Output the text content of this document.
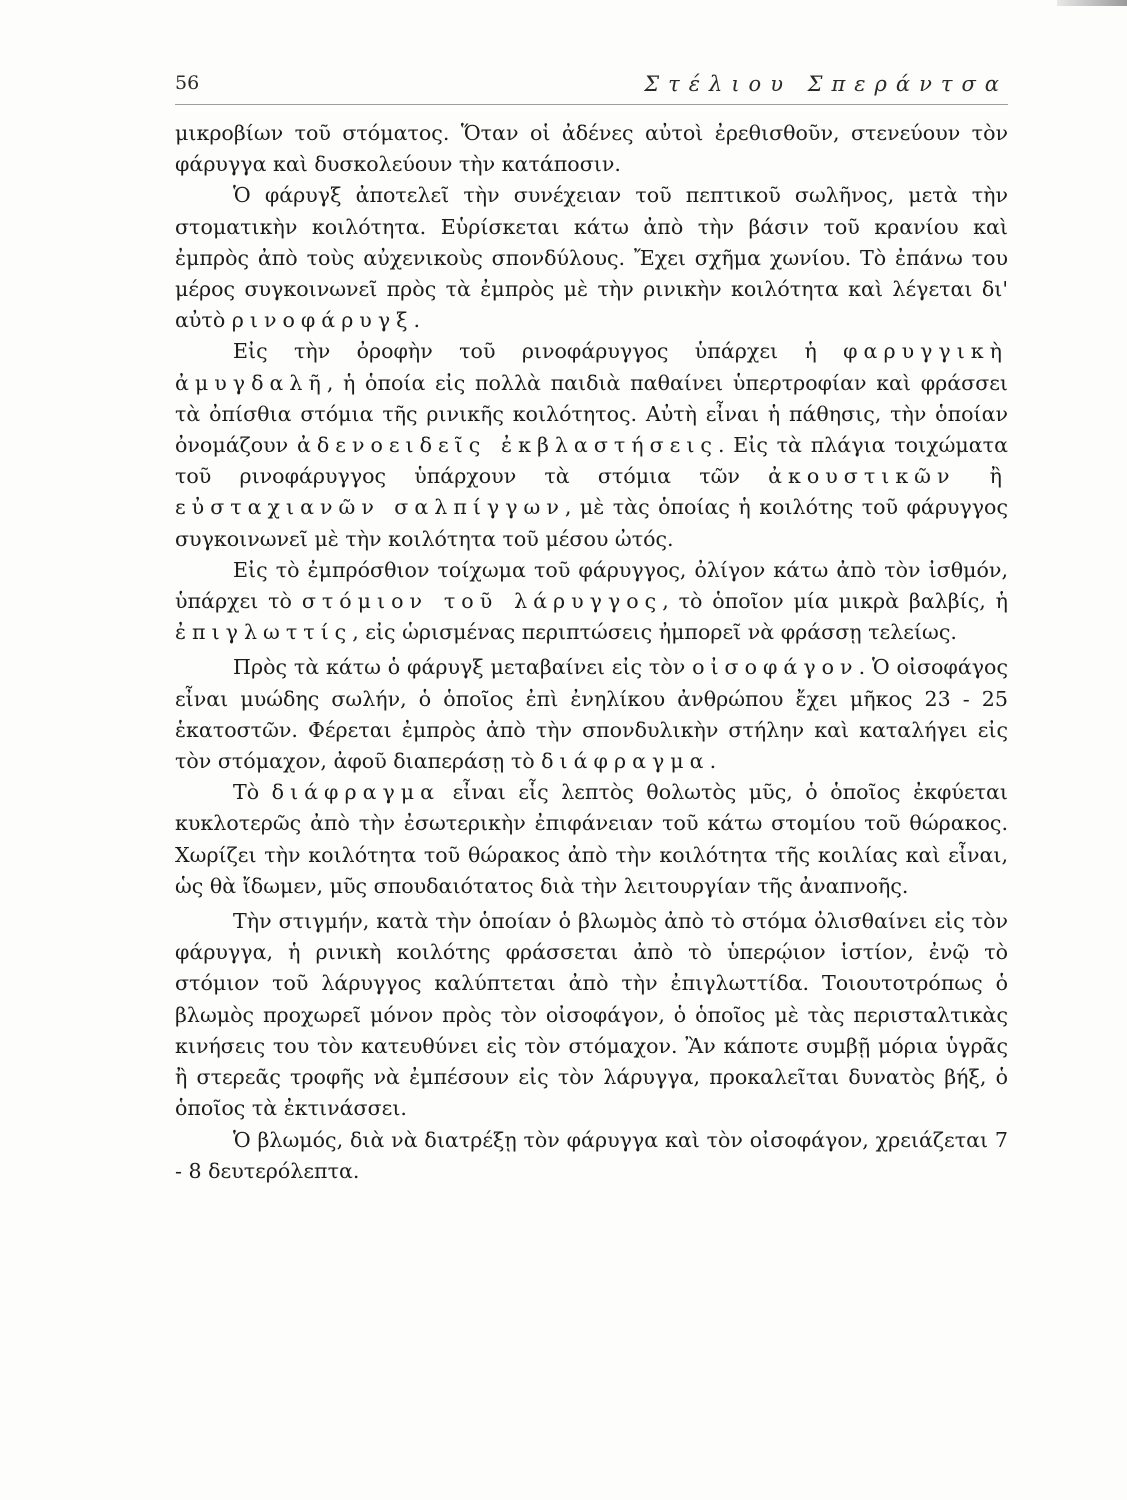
56	Στέλιου Σπεράντσα

μικροβίων τοῦ στόματος. Ὅταν οἱ ἀδένες αὐτοὶ ἐρεθισθοῦν, στενεύουν τὸν φάρυγγα καὶ δυσκολεύουν τὴν κατάποσιν.

Ὁ φάρυγξ ἀποτελεῖ τὴν συνέχειαν τοῦ πεπτικοῦ σωλῆνος, μετὰ τὴν στοματικὴν κοιλότητα. Εὑρίσκεται κάτω ἀπὸ τὴν βάσιν τοῦ κρανίου καὶ ἐμπρὸς ἀπὸ τοὺς αὐχενικοὺς σπονδύλους. Ἔχει σχῆμα χωνίου. Τὸ ἐπάνω του μέρος συγκοινωνεῖ πρὸς τὰ ἐμπρὸς μὲ τὴν ρινικὴν κοιλότητα καὶ λέγεται δι' αὐτὸ ρινοφάρυγξ.

Εἰς τὴν ὀροφὴν τοῦ ρινοφάρυγγος ὑπάρχει ἡ φαρυγγικὴ ἀμυγδαλῆ, ἡ ὁποία εἰς πολλὰ παιδιὰ παθαίνει ὑπερτροφίαν καὶ φράσσει τὰ ὀπίσθια στόμια τῆς ρινικῆς κοιλότητος. Αὐτὴ εἶναι ἡ πάθησις, τὴν ὁποίαν ὀνομάζουν ἀδενοειδεῖς ἐκβλαστήσεις. Εἰς τὰ πλάγια τοιχώματα τοῦ ρινοφάρυγγος ὑπάρχουν τὰ στόμια τῶν ἀκουστικῶν ἢ εὐσταχιανῶν σαλπίγγων, μὲ τὰς ὁποίας ἡ κοιλότης τοῦ φάρυγγος συγκοινωνεῖ μὲ τὴν κοιλότητα τοῦ μέσου ὠτός.

Εἰς τὸ ἐμπρόσθιον τοίχωμα τοῦ φάρυγγος, ὀλίγον κάτω ἀπὸ τὸν ἰσθμόν, ὑπάρχει τὸ στόμιον τοῦ λάρυγγος, τὸ ὁποῖον μία μικρὰ βαλβίς, ἡ ἐπιγλωττίς, εἰς ὡρισμένας περιπτώσεις ἠμπορεῖ νὰ φράσσῃ τελείως.

Πρὸς τὰ κάτω ὁ φάρυγξ μεταβαίνει εἰς τὸν οἰσοφάγον. Ὁ οἰσοφάγος εἶναι μυώδης σωλήν, ὁ ὁποῖος ἐπὶ ἐνηλίκου ἀνθρώπου ἔχει μῆκος 23 - 25 ἑκατοστῶν. Φέρεται ἐμπρὸς ἀπὸ τὴν σπονδυλικὴν στήλην καὶ καταλήγει εἰς τὸν στόμαχον, ἀφοῦ διαπεράσῃ τὸ διάφραγμα.

Τὸ διάφραγμα εἶναι εἷς λεπτὸς θολωτὸς μῦς, ὁ ὁποῖος ἐκφύεται κυκλοτερῶς ἀπὸ τὴν ἐσωτερικὴν ἐπιφάνειαν τοῦ κάτω στομίου τοῦ θώρακος. Χωρίζει τὴν κοιλότητα τοῦ θώρακος ἀπὸ τὴν κοιλότητα τῆς κοιλίας καὶ εἶναι, ὡς θὰ ἴδωμεν, μῦς σπουδαιότατος διὰ τὴν λειτουργίαν τῆς ἀναπνοῆς.

Τὴν στιγμήν, κατὰ τὴν ὁποίαν ὁ βλωμὸς ἀπὸ τὸ στόμα ὀλισθαίνει εἰς τὸν φάρυγγα, ἡ ρινικὴ κοιλότης φράσσεται ἀπὸ τὸ ὑπερῴιον ἱστίον, ἐνῷ τὸ στόμιον τοῦ λάρυγγος καλύπτεται ἀπὸ τὴν ἐπιγλωττίδα. Τοιουτοτρόπως ὁ βλωμὸς προχωρεῖ μόνον πρὸς τὸν οἰσοφάγον, ὁ ὁποῖος μὲ τὰς περισταλτικὰς κινήσεις του τὸν κατευθύνει εἰς τὸν στόμαχον. Ἂν κάποτε συμβῇ μόρια ὑγρᾶς ἢ στερεᾶς τροφῆς νὰ ἐμπέσουν εἰς τὸν λάρυγγα, προκαλεῖται δυνατὸς βήξ, ὁ ὁποῖος τὰ ἐκτινάσσει.

Ὁ βλωμός, διὰ νὰ διατρέξῃ τὸν φάρυγγα καὶ τὸν οἰσοφάγον, χρειάζεται 7 - 8 δευτερόλεπτα.
